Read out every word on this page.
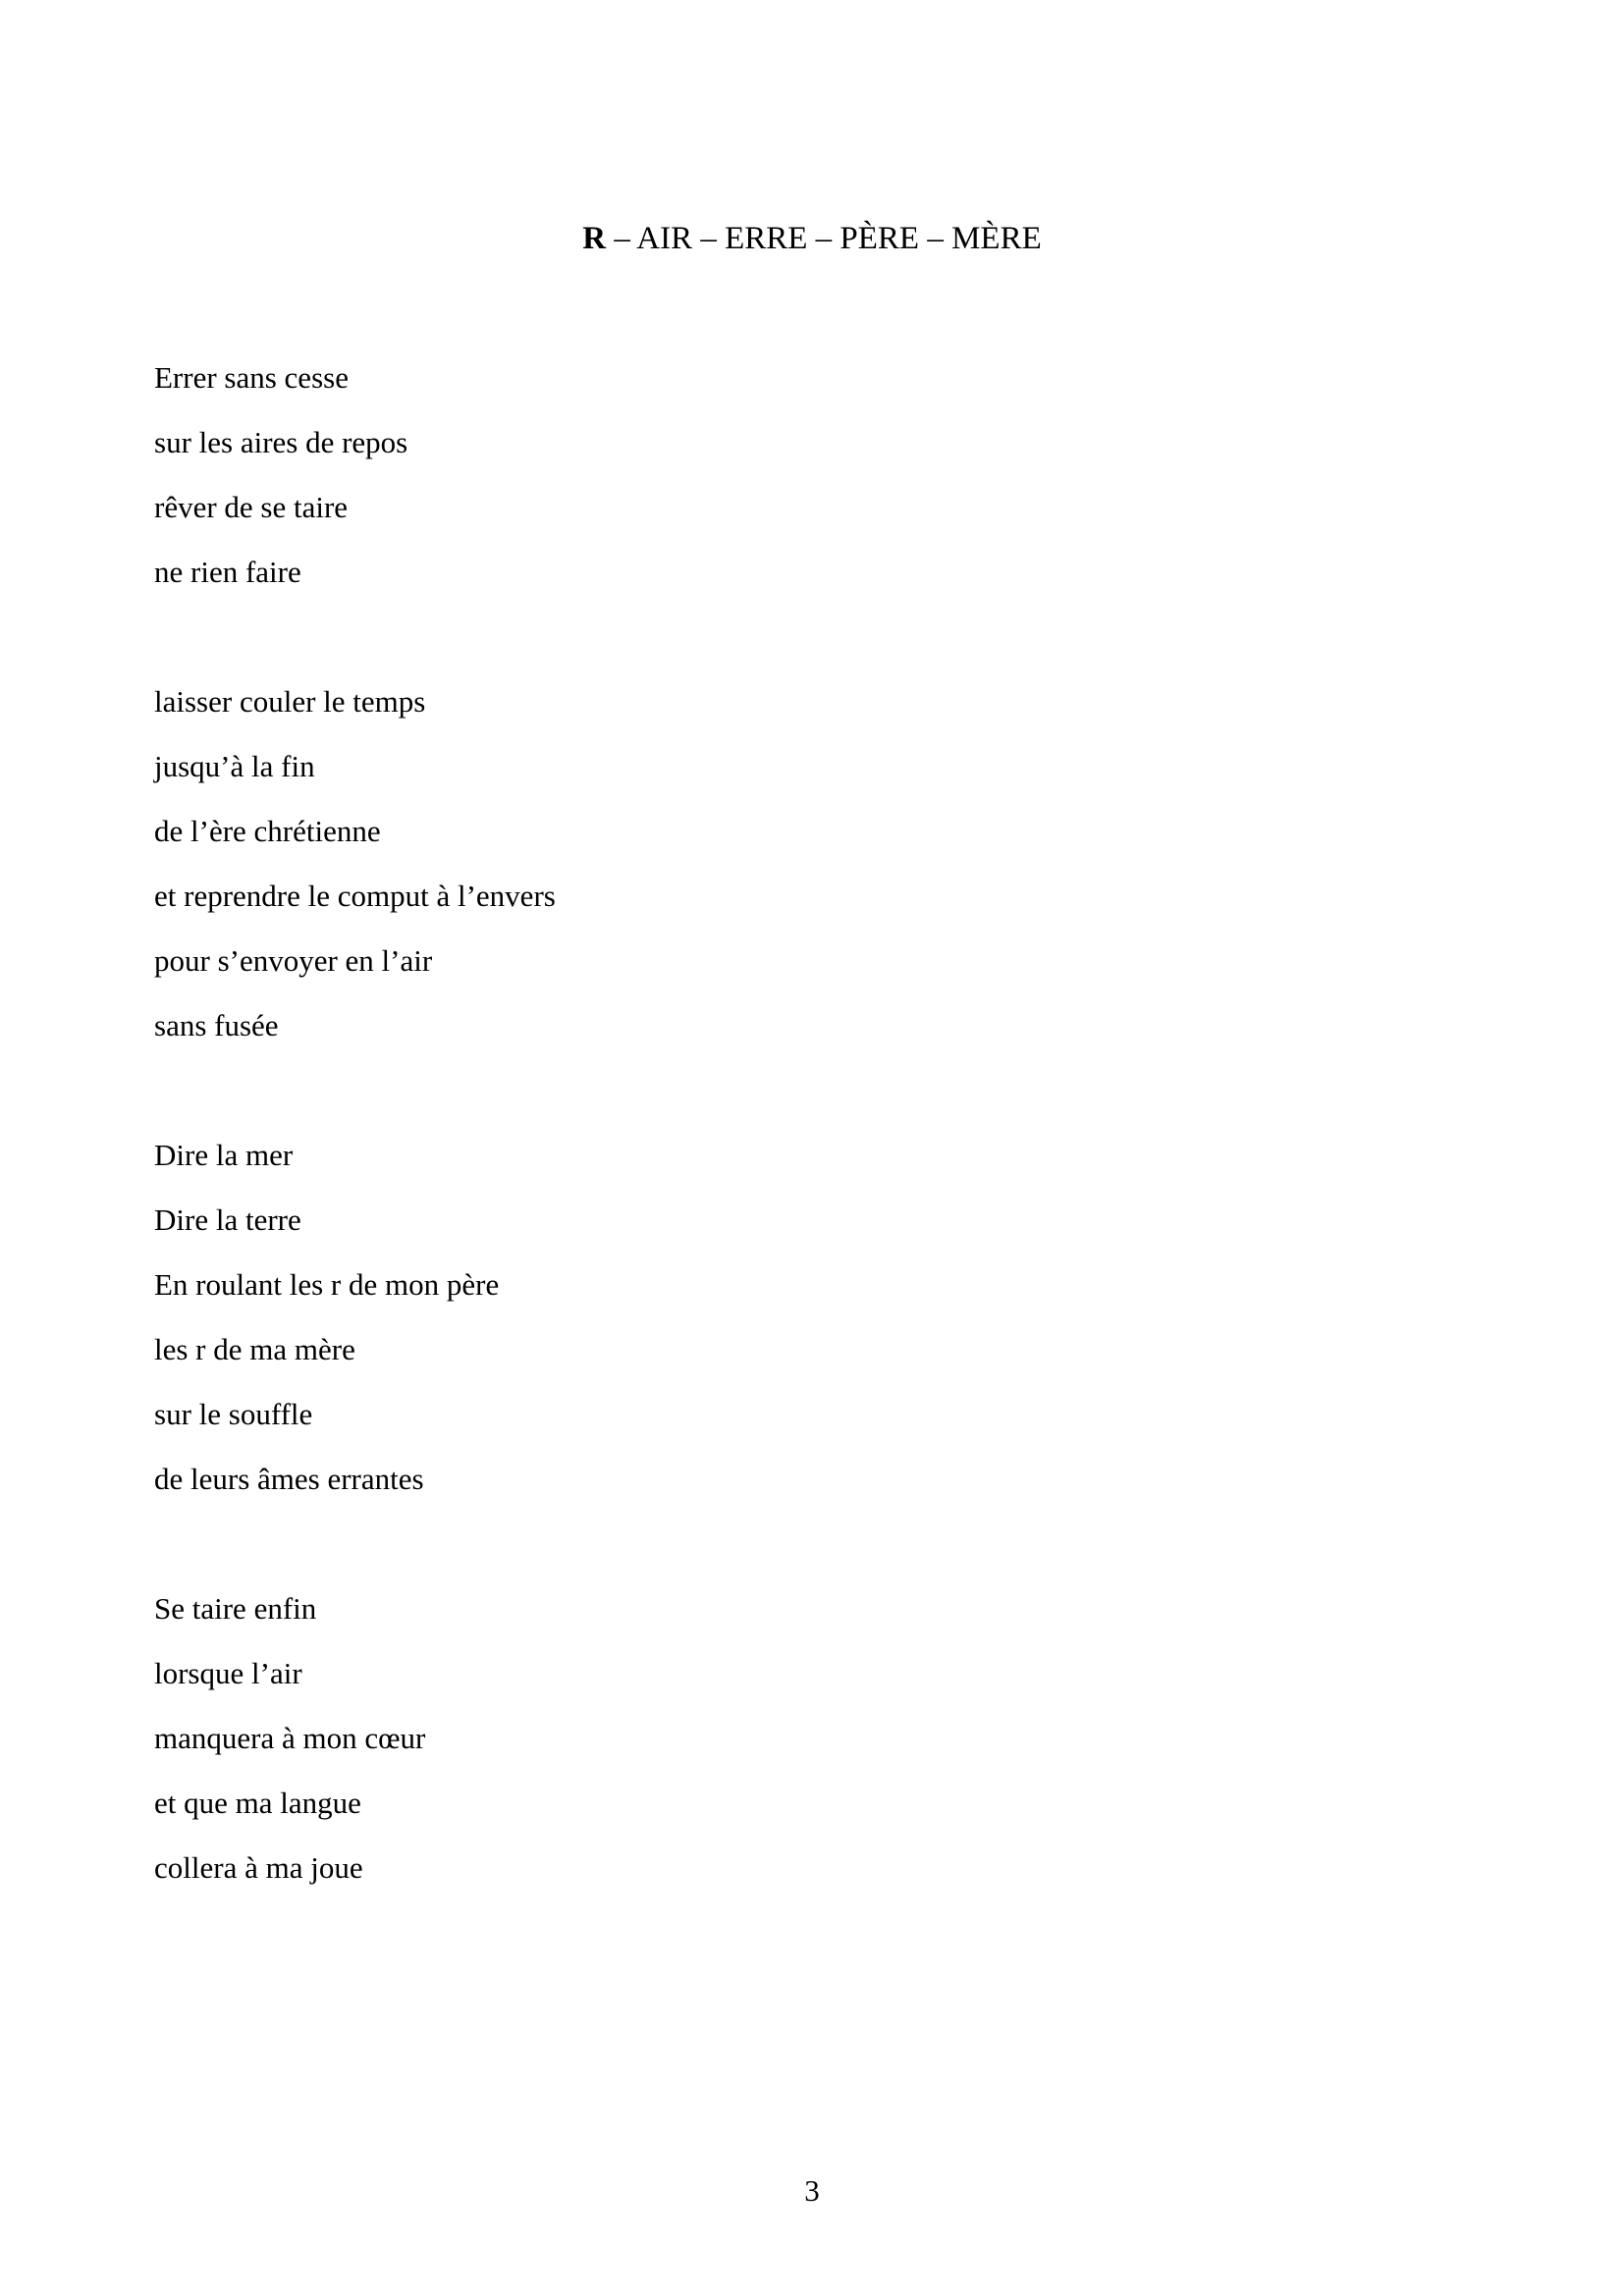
R – AIR – ERRE – PÈRE – MÈRE
Errer sans cesse
sur les aires de repos
rêver de se taire
ne rien faire
laisser couler le temps
jusqu’à la fin
de l’ère chrétienne
et reprendre le comput à l’envers
pour s’envoyer en l’air
sans fusée
Dire la mer
Dire la terre
En roulant les r de mon père
les r de ma mère
sur le souffle
de leurs âmes errantes
Se taire enfin
lorsque l’air
manquera à mon cœur
et que ma langue
collera à ma joue
3
